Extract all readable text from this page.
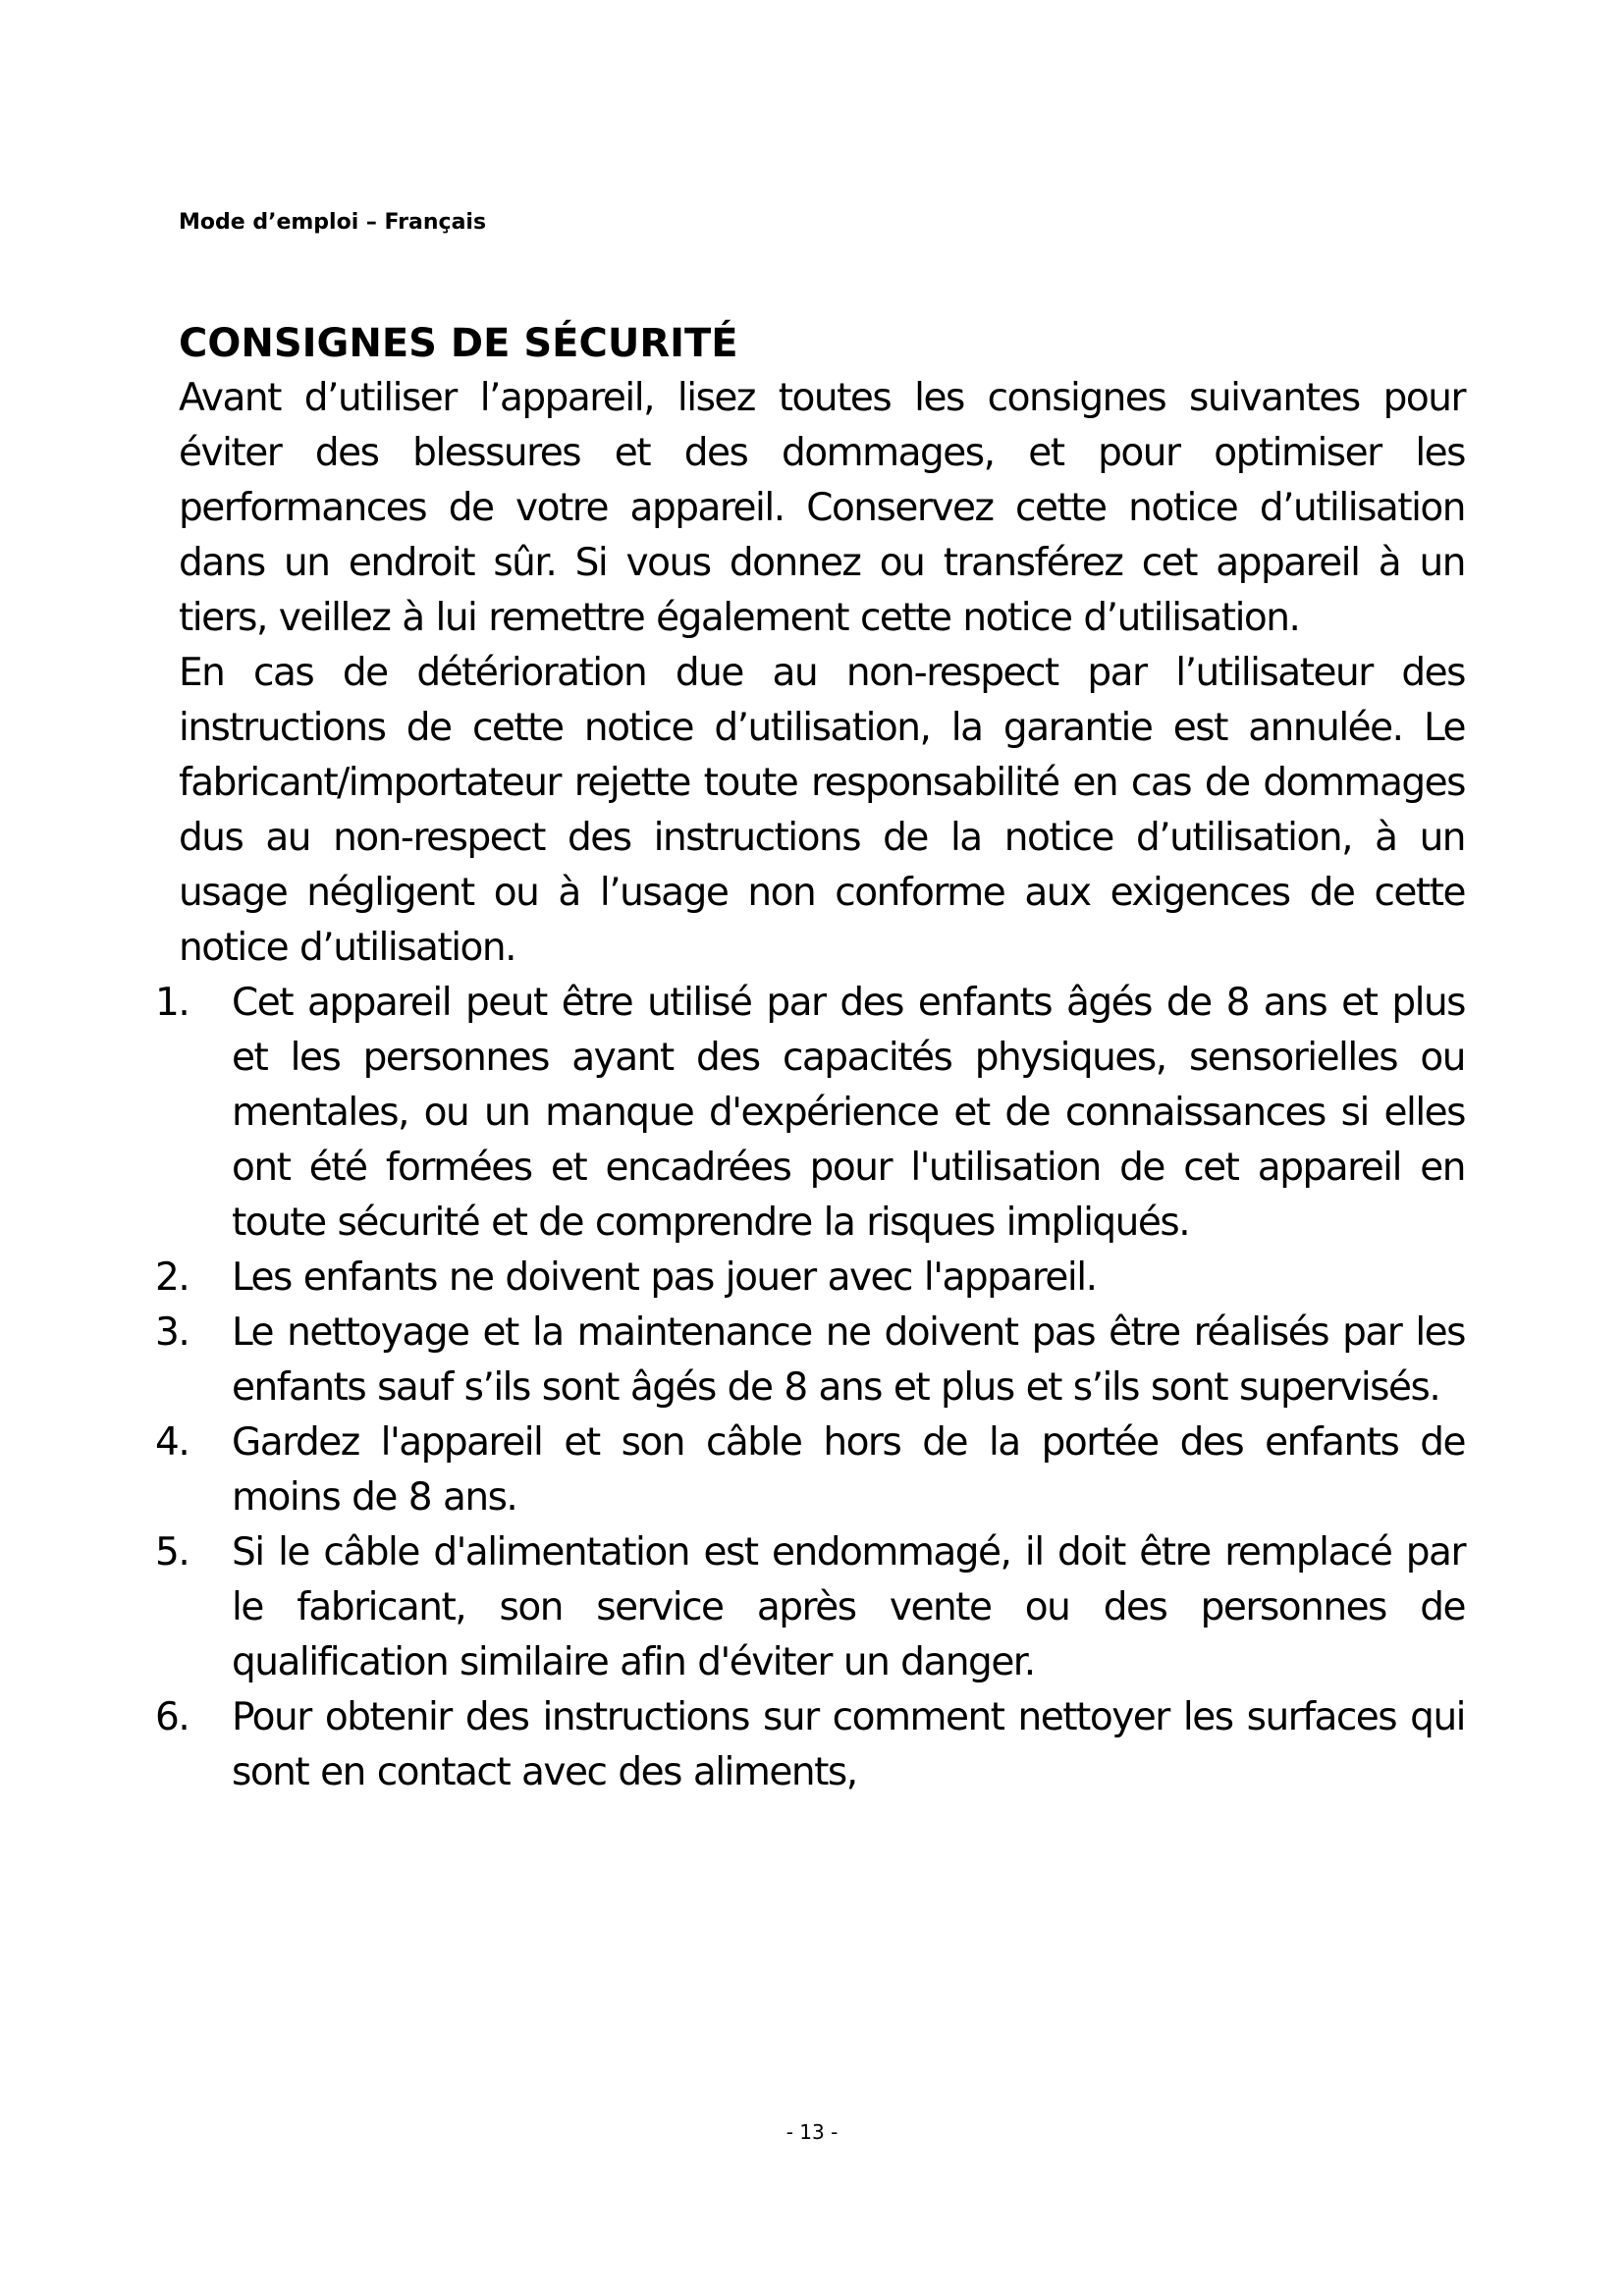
Mode d’emploi – Français
CONSIGNES DE SÉCURITÉ

Avant d’utiliser l’appareil, lisez toutes les consignes suivantes pour éviter des blessures et des dommages, et pour optimiser les performances de votre appareil. Conservez cette notice d’utilisation dans un endroit sûr. Si vous donnez ou transférez cet appareil à un tiers, veillez à lui remettre également cette notice d’utilisation.

En cas de détérioration due au non-respect par l’utilisateur des instructions de cette notice d’utilisation, la garantie est annulée. Le fabricant/importateur rejette toute responsabilité en cas de dommages dus au non-respect des instructions de la notice d’utilisation, à un usage négligent ou à l’usage non conforme aux exigences de cette notice d’utilisation.

1.	Cet appareil peut être utilisé par des enfants âgés de 8 ans et plus et les personnes ayant des capacités physiques, sensorielles ou mentales, ou un manque d'expérience et de connaissances si elles ont été formées et encadrées pour l'utilisation de cet appareil en toute sécurité et de comprendre la risques impliqués.
2.	Les enfants ne doivent pas jouer avec l'appareil.
3.	Le nettoyage et la maintenance ne doivent pas être réalisés par les enfants sauf s’ils sont âgés de 8 ans et plus et s’ils sont supervisés.
4.	Gardez l'appareil et son câble hors de la portée des enfants de moins de 8 ans.
5.	Si le câble d'alimentation est endommagé, il doit être remplacé par le fabricant, son service après vente ou des personnes de qualification similaire afin d'éviter un danger.
6.	Pour obtenir des instructions sur comment nettoyer les surfaces qui sont en contact avec des aliments,
- 13 -
